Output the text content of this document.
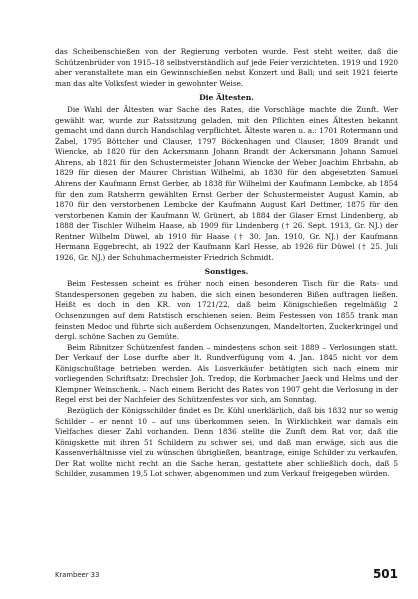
das Scheibenschießen von der Regierung verboten wurde. Fest steht weiter, daß die Schützenbrüder von 1915–18 selbstverständlich auf jede Feier verzichteten. 1919 und 1920 aber veranstaltete man ein Gewinnschießen nebst Konzert und Ball; und seit 1921 feierte man das alte Volksfest wieder in gewohnter Weise.

Die Ältesten.

Die Wahl der Ältesten war Sache des Rates, die Vorschläge machte die Zunft. Wer gewählt war, wurde zur Ratssitzung geladen, mit den Pflichten eines Ältesten bekannt gemacht und dann durch Handschlag verpflichtet. Älteste waren u. a.: 1701 Rotermann und Zabel, 1795 Böttcher und Clauser, 1797 Böckenhagen und Clauser, 1809 Brandt und Wiencke, ab 1820 für den Ackersmann Johann Brandt der Ackersmann Johann Samuel Ahrens, ab 1821 für den Schustermeister Johann Wiencke der Weber Joachim Ehrbahn, ab 1829 für diesen der Maurer Christian Wilhelmi, ab 1830 für den abgesetzten Samuel Ahrens der Kaufmann Ernst Gerber, ab 1838 für Wilhelmi der Kaufmann Lembcke, ab 1854 für den zum Ratsherrn gewählten Ernst Gerber der Schustermeister August Kamin, ab 1870 für den verstorbenen Lembcke der Kaufmann August Karl Dettmer, 1875 für den verstorbenen Kamin der Kaufmann W. Grünert, ab 1884 der Glaser Ernst Lindenberg, ab 1888 der Tischler Wilhelm Haase, ab 1909 für Lindenberg († 26. Sept. 1913, Gr. NJ.) der Rentner Wilhelm Düwel, ab 1910 für Haase († 30. Jan. 1910, Gr. NJ.) der Kaufmann Hermann Eggebrecht, ab 1922 der Kaufmann Karl Hesse, ab 1926 für Düwel († 25. Juli 1926, Gr. NJ.) der Schuhmachermeister Friedrich Schmidt.

Sonstiges.

Beim Festessen scheint es früher noch einen besonderen Tisch für die Rats- und Standespersonen gegeben zu haben, die sich einen besonderen Bißen auftragen ließen. Heißt es doch in den KR. von 1721/22, daß beim Königschießen regelmäßig 2 Ochsenzungen auf dem Ratstisch erschienen seien. Beim Festessen von 1855 trank man feinsten Medoc und führte sich außerdem Ochsenzungen, Mandeltorten, Zuckerkringel und dergl. schöne Sachen zu Gemüte.

Beim Ribnitzer Schützenfest fanden – mindestens schon seit 1889 – Verlosungen statt. Der Verkauf der Lose durfte aber lt. Rundverfügung vom 4. Jan. 1845 nicht vor dem Königschußtage betrieben werden. Als Losverkäufer betätigten sich nach einem mir vorliegenden Schriftsatz: Drechsler Joh. Tredop, die Korbmacher Jaeck und Helms und der Klempner Weinschenk. – Nach einem Bericht des Rates von 1907 geht die Verlosung in der Regel erst bei der Nachfeier des Schützenfestes vor sich, am Sonntag.

Bezüglich der Königsschilder findet es Dr. Kühl unerklärlich, daß bis 1832 nur so wenig Schilder – er nennt 10 – auf uns überkommen seien. In Wirklichkeit war damals ein Vielfaches dieser Zahl vorhanden. Denn 1836 stellte die Zunft dem Rat vor, daß die Königskette mit ihren 51 Schildern zu schwer sei, und daß man erwäge, sich aus die Kassenverhältnisse viel zu wünschen übrigließen, beantrage, einige Schilder zu verkaufen. Der Rat wollte nicht recht an die Sache heran, gestattete aber schließlich doch, daß 5 Schilder, zusammen 19,5 Lot schwer, abgenommen und zum Verkauf freigegeben würden.

Krambeer 33	501
